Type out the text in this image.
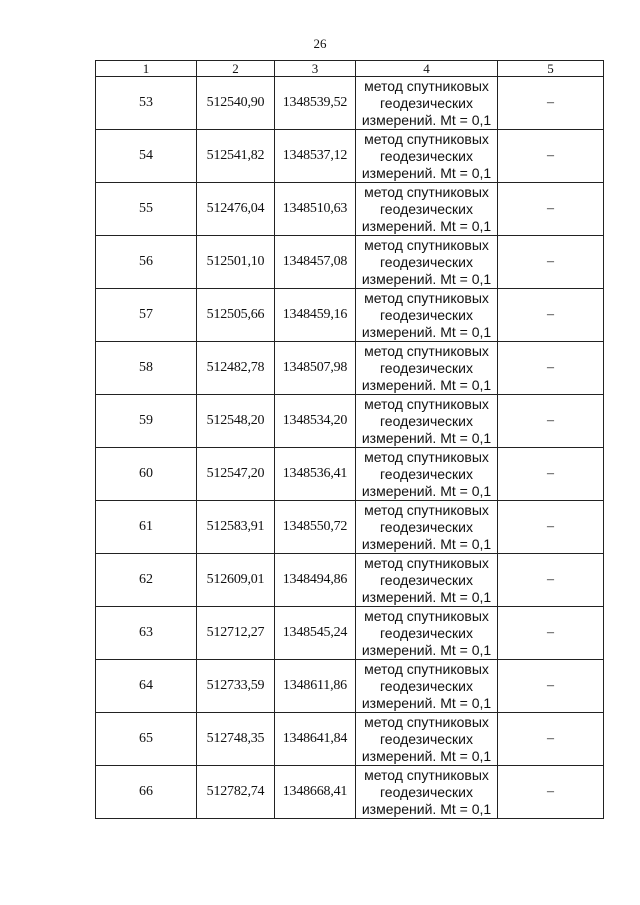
26
1	2	3	4	5
53	512540,90	1348539,52	метод спутниковых
геодезических
измерений. Mt = 0,1	–
54	512541,82	1348537,12	метод спутниковых
геодезических
измерений. Mt = 0,1	–
55	512476,04	1348510,63	метод спутниковых
геодезических
измерений. Mt = 0,1	–
56	512501,10	1348457,08	метод спутниковых
геодезических
измерений. Mt = 0,1	–
57	512505,66	1348459,16	метод спутниковых
геодезических
измерений. Mt = 0,1	–
58	512482,78	1348507,98	метод спутниковых
геодезических
измерений. Mt = 0,1	–
59	512548,20	1348534,20	метод спутниковых
геодезических
измерений. Mt = 0,1	–
60	512547,20	1348536,41	метод спутниковых
геодезических
измерений. Mt = 0,1	–
61	512583,91	1348550,72	метод спутниковых
геодезических
измерений. Mt = 0,1	–
62	512609,01	1348494,86	метод спутниковых
геодезических
измерений. Mt = 0,1	–
63	512712,27	1348545,24	метод спутниковых
геодезических
измерений. Mt = 0,1	–
64	512733,59	1348611,86	метод спутниковых
геодезических
измерений. Mt = 0,1	–
65	512748,35	1348641,84	метод спутниковых
геодезических
измерений. Mt = 0,1	–
66	512782,74	1348668,41	метод спутниковых
геодезических
измерений. Mt = 0,1	–
